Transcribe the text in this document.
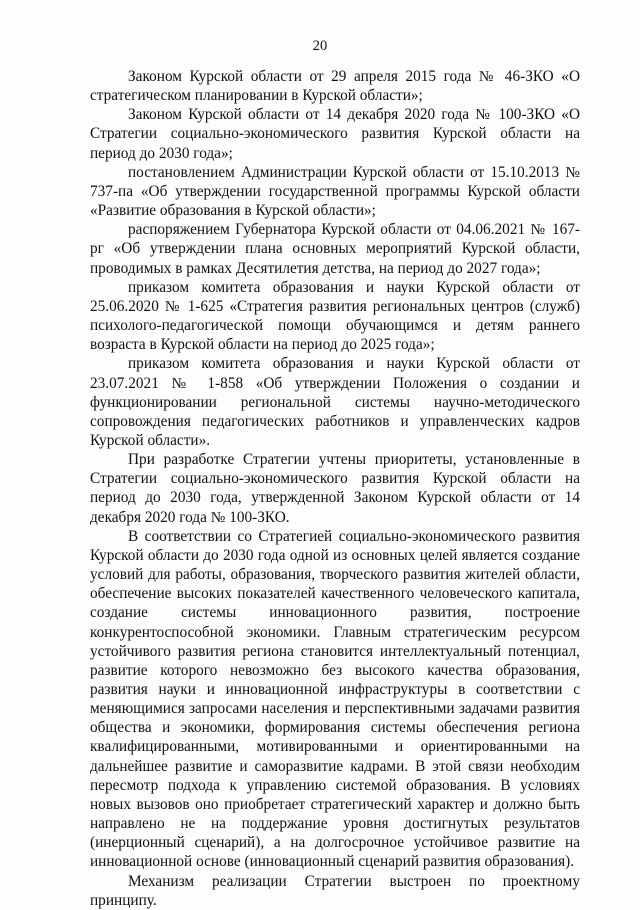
20

Законом Курской области от 29 апреля 2015 года № 46-ЗКО «О стратегическом планировании в Курской области»;

Законом Курской области от 14 декабря 2020 года № 100-ЗКО «О Стратегии социально-экономического развития Курской области на период до 2030 года»;

постановлением Администрации Курской области от 15.10.2013 № 737-па «Об утверждении государственной программы Курской области «Развитие образования в Курской области»;

распоряжением Губернатора Курской области от 04.06.2021 № 167-рг «Об утверждении плана основных мероприятий Курской области, проводимых в рамках Десятилетия детства, на период до 2027 года»;

приказом комитета образования и науки Курской области от 25.06.2020 № 1-625 «Стратегия развития региональных центров (служб) психолого-педагогической помощи обучающимся и детям раннего возраста в Курской области на период до 2025 года»;

приказом комитета образования и науки Курской области от 23.07.2021 № 1-858 «Об утверждении Положения о создании и функционировании региональной системы научно-методического сопровождения педагогических работников и управленческих кадров Курской области».

При разработке Стратегии учтены приоритеты, установленные в Стратегии социально-экономического развития Курской области на период до 2030 года, утвержденной Законом Курской области от 14 декабря 2020 года № 100-ЗКО.

В соответствии со Стратегией социально-экономического развития Курской области до 2030 года одной из основных целей является создание условий для работы, образования, творческого развития жителей области, обеспечение высоких показателей качественного человеческого капитала, создание системы инновационного развития, построение конкурентоспособной экономики. Главным стратегическим ресурсом устойчивого развития региона становится интеллектуальный потенциал, развитие которого невозможно без высокого качества образования, развития науки и инновационной инфраструктуры в соответствии с меняющимися запросами населения и перспективными задачами развития общества и экономики, формирования системы обеспечения региона квалифицированными, мотивированными и ориентированными на дальнейшее развитие и саморазвитие кадрами. В этой связи необходим пересмотр подхода к управлению системой образования. В условиях новых вызовов оно приобретает стратегический характер и должно быть направлено не на поддержание уровня достигнутых результатов (инерционный сценарий), а на долгосрочное устойчивое развитие на инновационной основе (инновационный сценарий развития образования).

Механизм реализации Стратегии выстроен по проектному принципу.
